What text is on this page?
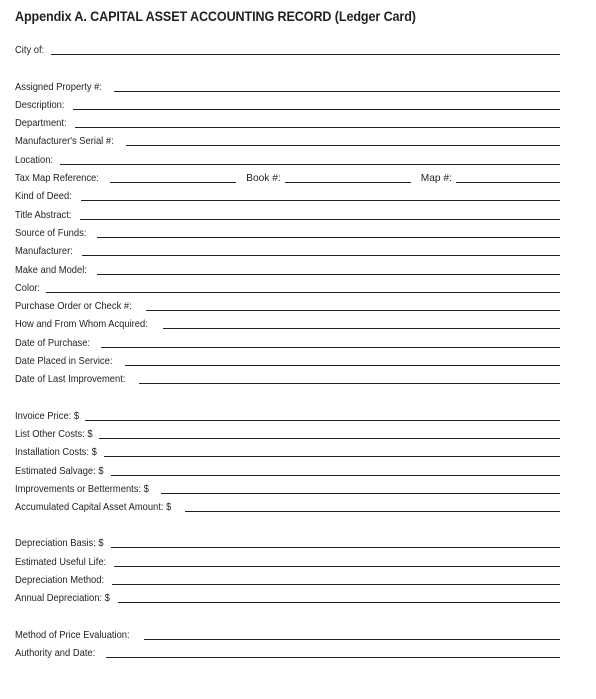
Appendix A. CAPITAL ASSET ACCOUNTING RECORD (Ledger Card)
City of:
Assigned Property #:
Description:
Department:
Manufacturer's Serial #:
Location:
Tax Map Reference:	Book #:	Map #:
Kind of Deed:
Title Abstract:
Source of Funds:
Manufacturer:
Make and Model:
Color:
Purchase Order or Check #:
How and From Whom Acquired:
Date of Purchase:
Date Placed in Service:
Date of Last Improvement:
Invoice Price: $
List Other Costs: $
Installation Costs: $
Estimated Salvage: $
Improvements or Betterments: $
Accumulated Capital Asset Amount: $
Depreciation Basis: $
Estimated Useful Life:
Depreciation Method:
Annual Depreciation: $
Method of Price Evaluation:
Authority and Date:
